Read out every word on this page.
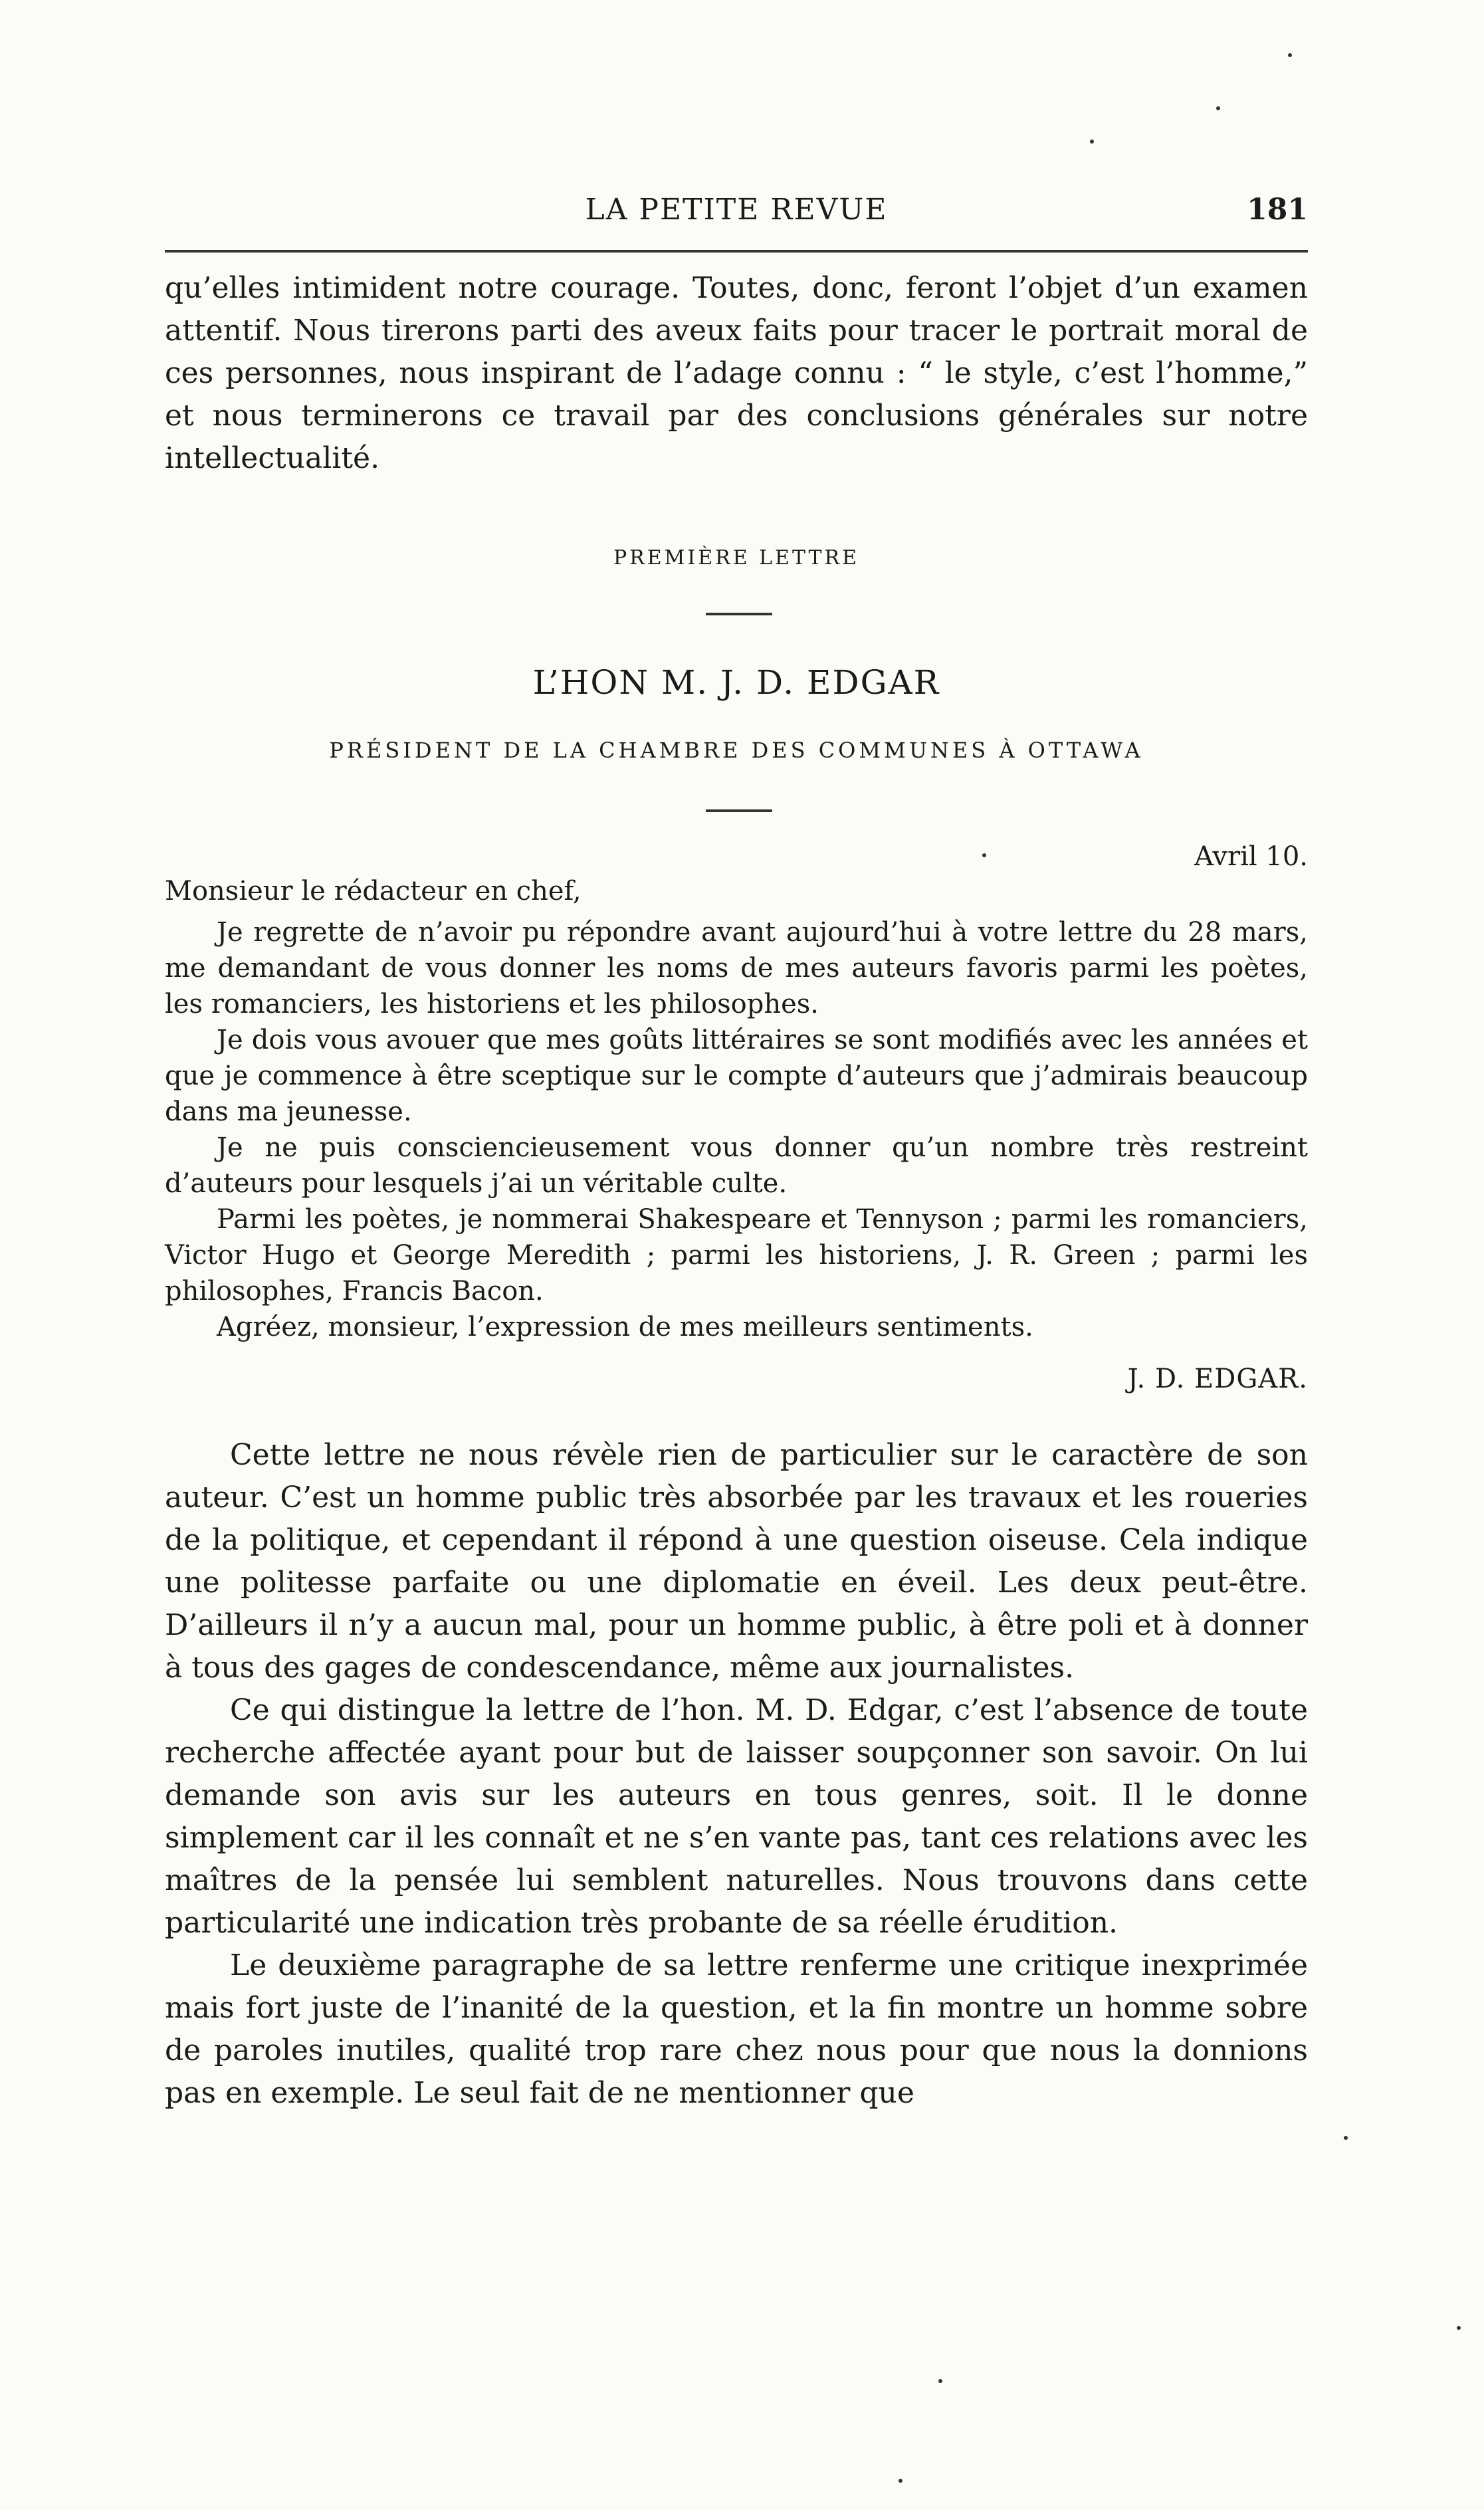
LA PETITE REVUE	181

qu’elles intimident notre courage. Toutes, donc, feront l’objet d’un examen attentif. Nous tirerons parti des aveux faits pour tracer le portrait moral de ces personnes, nous inspirant de l’adage connu : “ le style, c’est l’homme,” et nous terminerons ce travail par des conclusions générales sur notre intellectualité.

PREMIÈRE LETTRE
L’HON M. J. D. EDGAR
PRÉSIDENT DE LA CHAMBRE DES COMMUNES À OTTAWA
Avril 10.
Monsieur le rédacteur en chef,

Je regrette de n’avoir pu répondre avant aujourd’hui à votre lettre du 28 mars, me demandant de vous donner les noms de mes auteurs favoris parmi les poètes, les romanciers, les historiens et les philosophes.

Je dois vous avouer que mes goûts littéraires se sont modifiés avec les années et que je commence à être sceptique sur le compte d’auteurs que j’admirais beaucoup dans ma jeunesse.

Je ne puis consciencieusement vous donner qu’un nombre très restreint d’auteurs pour lesquels j’ai un véritable culte.

Parmi les poètes, je nommerai Shakespeare et Tennyson ; parmi les romanciers, Victor Hugo et George Meredith ; parmi les historiens, J. R. Green ; parmi les philosophes, Francis Bacon.

Agréez, monsieur, l’expression de mes meilleurs sentiments.

J. D. EDGAR.

Cette lettre ne nous révèle rien de particulier sur le caractère de son auteur. C’est un homme public très absorbée par les travaux et les roueries de la politique, et cependant il répond à une question oiseuse. Cela indique une politesse parfaite ou une diplomatie en éveil. Les deux peut-être. D’ailleurs il n’y a aucun mal, pour un homme public, à être poli et à donner à tous des gages de condescendance, même aux journalistes.

Ce qui distingue la lettre de l’hon. M. D. Edgar, c’est l’absence de toute recherche affectée ayant pour but de laisser soupçonner son savoir. On lui demande son avis sur les auteurs en tous genres, soit. Il le donne simplement car il les connaît et ne s’en vante pas, tant ces relations avec les maîtres de la pensée lui semblent naturelles. Nous trouvons dans cette particularité une indication très probante de sa réelle érudition.

Le deuxième paragraphe de sa lettre renferme une critique inexprimée mais fort juste de l’inanité de la question, et la fin montre un homme sobre de paroles inutiles, qualité trop rare chez nous pour que nous la donnions pas en exemple. Le seul fait de ne mentionner que
